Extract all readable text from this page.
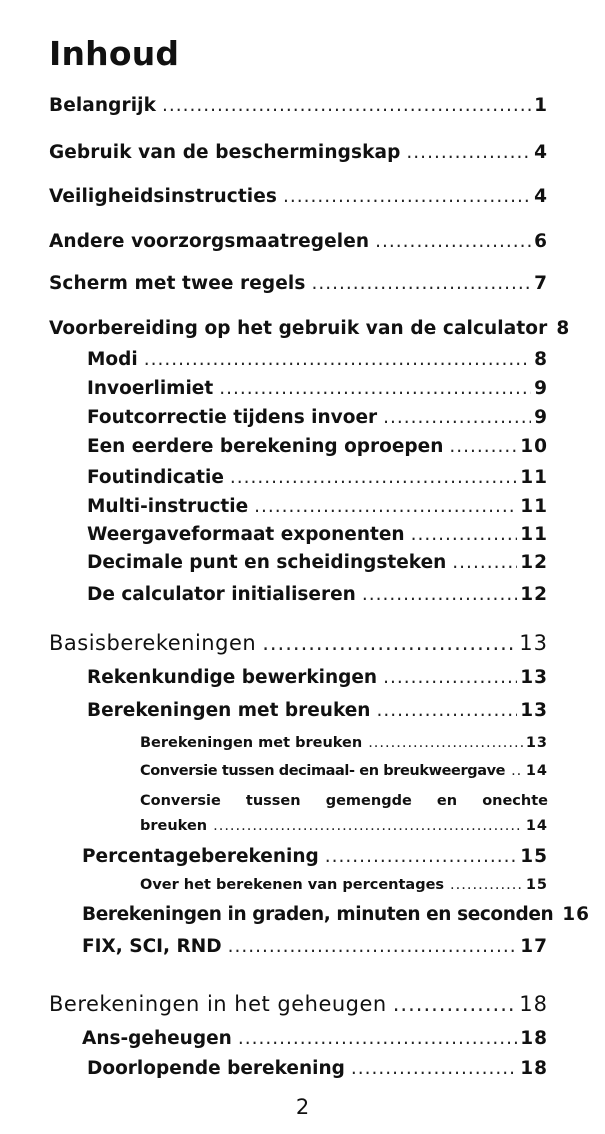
Inhoud
Belangrijk .....	1
Gebruik van de beschermingskap .....	4
Veiligheidsinstructies .....	4
Andere voorzorgsmaatregelen .....	6
Scherm met twee regels .....	7
Voorbereiding op het gebruik van de calculator 8
Modi .....	8
Invoerlimiet .....	9
Foutcorrectie tijdens invoer .....	9
Een eerdere berekening oproepen .....	10
Foutindicatie .....	11
Multi-instructie .....	11
Weergaveformaat exponenten .....	11
Decimale punt en scheidingsteken .....	12
De calculator initialiseren .....	12
Basisberekeningen .....	13
Rekenkundige bewerkingen .....	13
Berekeningen met breuken .....	13
Berekeningen met breuken .....	13
Conversie tussen decimaal- en breukweergave ..... 14
Conversie tussen gemengde en onechte
breuken .....	14
Percentageberekening .....	15
Over het berekenen van percentages .....	15
Berekeningen in graden, minuten en seconden 16
FIX, SCI, RND .....	17
Berekeningen in het geheugen .....	18
Ans-geheugen .....	18
Doorlopende berekening .....	18
2
